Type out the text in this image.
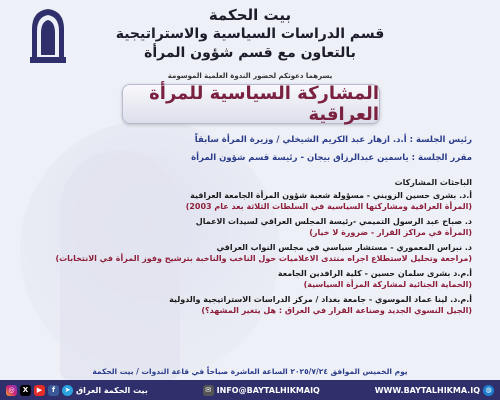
بيت الحكمة
قسم الدراسات السياسية والاستراتيجية
بالتعاون مع قسم شؤون المرأة
يسرهما دعوتكم لحضور الندوة العلمية الموسومة
المشاركة السياسية للمرأة العراقية
رئيس الجلسة : أ.د. ازهار عبد الكريم الشيخلي / وزيرة المرأة سابقاً
مقرر الجلسة : ياسمين عبدالرزاق بيجان - رئيسة قسم شؤون المرأة
الباحثات المشاركات
أ.د. بشرى حسين الزويني - مسؤولة شعبة شؤون المرأة الجامعة العراقية
(المرأة العراقية ومشاركتها السياسية في السلطات الثلاثة بعد عام 2003)
د. صباح عبد الرسول التميمي -رئيسة المجلس العراقي لسيدات الاعمال
(المرأة في مراكز القرار - ضرورة لا خيار)
د. نبراس المعموري - مستشار سياسي في مجلس النواب العراقي
(مراجعة وتحليل لاستطلاع اجراه منتدى الاعلاميات حول الناخب والناخبة بترشيح وفوز المرأة في الانتخابات)
أ.م.د بشرى سلمان حسين - كلية الرافدين الجامعة
(الحماية الجنائية لمشاركة المرأة السياسية)
أ.م.د. لينا عماد الموسوي - جامعة بغداد / مركز الدراسات الاستراتيجية والدولية
(الجيل النسوي الجديد وصناعة القرار في العراق : هل يتغير المشهد؟)
يوم الخميس الموافق ٢٠٢٥/٧/٢٤ الساعة العاشرة صباحاً في قاعة الندوات / بيت الحكمة
◎	X	▶	f	➤ بيت الحكمة العراق	✉ INFO@BAYTALHIKMAIQ	WWW.BAYTALHIKMA.IQ ◍
